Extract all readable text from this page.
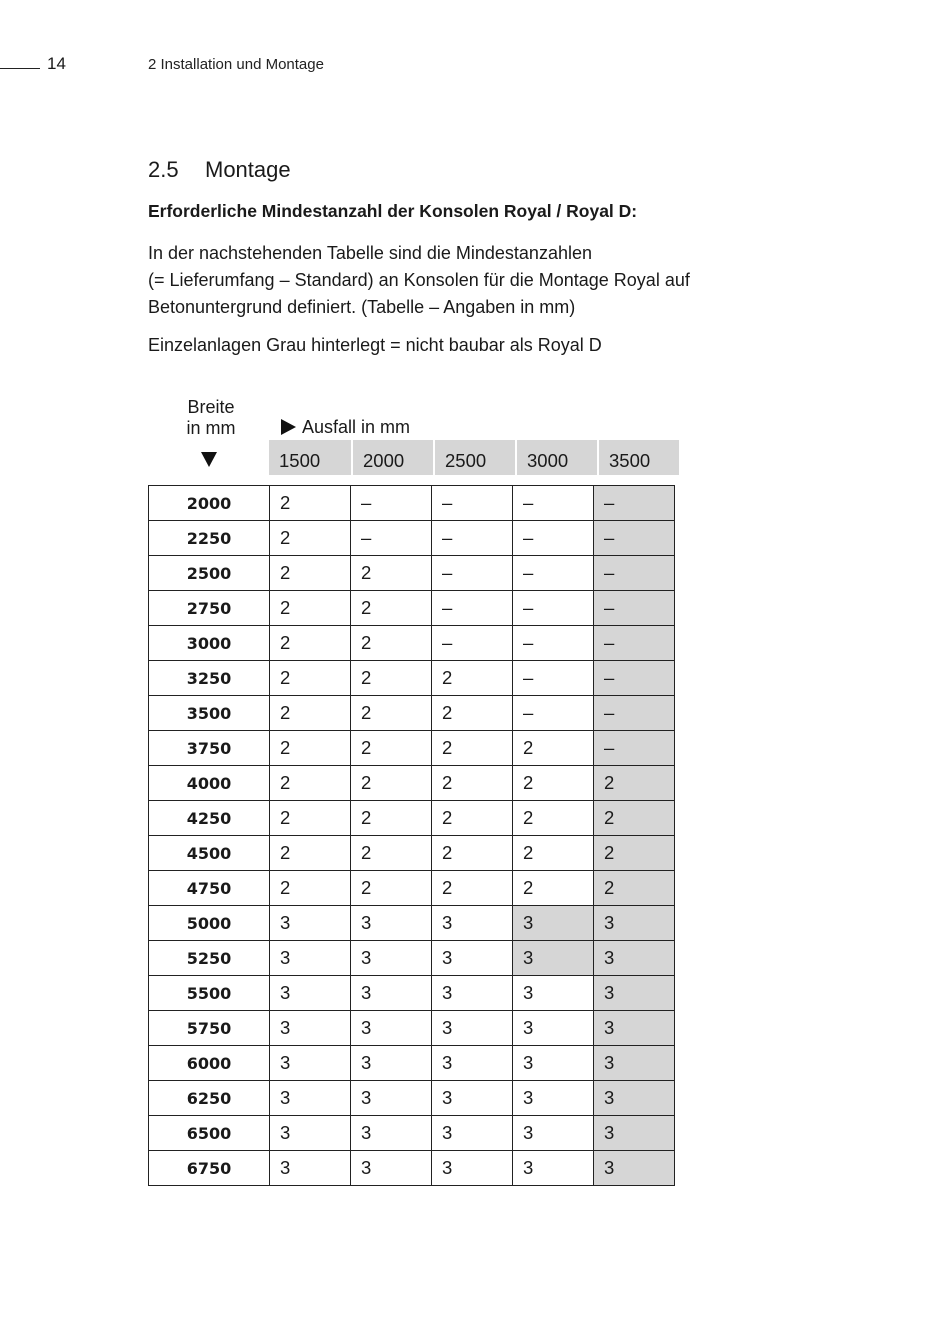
14	2 Installation und Montage
2.5 Montage
Erforderliche Mindestanzahl der Konsolen Royal / Royal D:

In der nachstehenden Tabelle sind die Mindestanzahlen
(= Lieferumfang – Standard) an Konsolen für die Montage Royal auf
Betonuntergrund definiert. (Tabelle – Angaben in mm)

Einzelanlagen Grau hinterlegt = nicht baubar als Royal D

Breite
in mm	Ausfall in mm
1500	2000	2500	3000	3500
2000	2	–	–	–	–
2250	2	–	–	–	–
2500	2	2	–	–	–
2750	2	2	–	–	–
3000	2	2	–	–	–
3250	2	2	2	–	–
3500	2	2	2	–	–
3750	2	2	2	2	–
4000	2	2	2	2	2
4250	2	2	2	2	2
4500	2	2	2	2	2
4750	2	2	2	2	2
5000	3	3	3	3	3
5250	3	3	3	3	3
5500	3	3	3	3	3
5750	3	3	3	3	3
6000	3	3	3	3	3
6250	3	3	3	3	3
6500	3	3	3	3	3
6750	3	3	3	3	3
